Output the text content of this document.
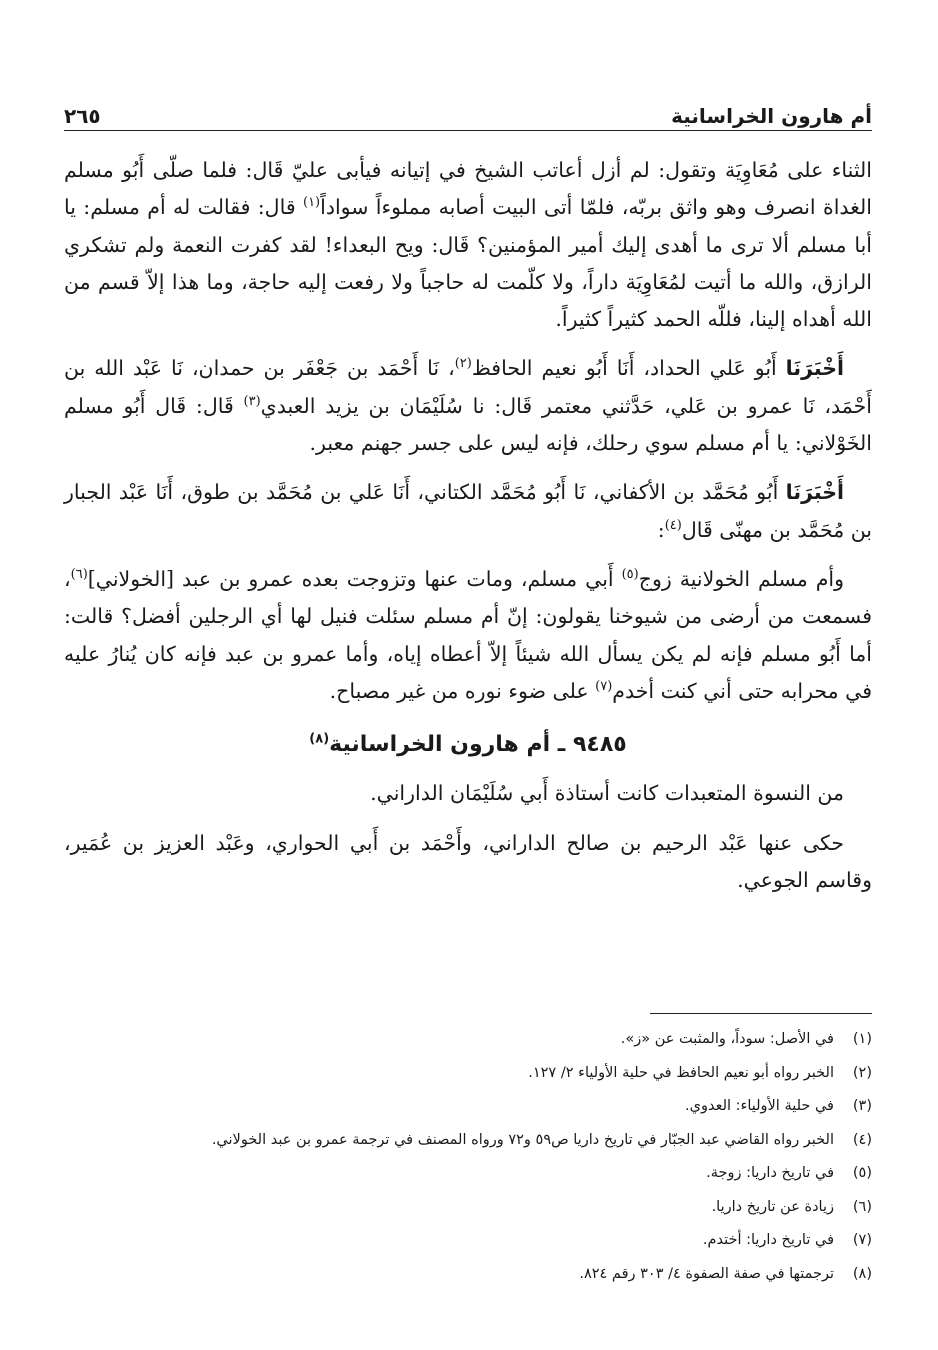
أم هارون الخراسانية
٢٦٥

الثناء على مُعَاوِيَة وتقول: لم أزل أعاتب الشيخ في إتيانه فيأبى عليّ قَال: فلما صلّى أَبُو مسلم الغداة انصرف وهو واثق بربّه، فلمّا أتى البيت أصابه مملوءاً سواداً$^{(١)}$ قال: فقالت له أم مسلم: يا أبا مسلم ألا ترى ما أهدى إليك أمير المؤمنين؟ قَال: ويح البعداء! لقد كفرت النعمة ولم تشكري الرازق، والله ما أتيت لمُعَاوِيَة داراً، ولا كلّمت له حاجباً ولا رفعت إليه حاجة، وما هذا إلاّ قسم من الله أهداه إلينا، فللّه الحمد كثيراً كثيراً.

أَخْبَرَنَا أَبُو عَلي الحداد، أَنَا أَبُو نعيم الحافظ$^{(٢)}$، نَا أَحْمَد بن جَعْفَر بن حمدان، نَا عَبْد الله بن أَحْمَد، نَا عمرو بن عَلي، حَدَّثني معتمر قَال: نا سُلَيْمَان بن يزيد العبدي$^{(٣)}$ قَال: قَال أَبُو مسلم الخَوْلاني: يا أم مسلم سوي رحلك، فإنه ليس على جسر جهنم معبر.

أَخْبَرَنَا أَبُو مُحَمَّد بن الأكفاني، نَا أَبُو مُحَمَّد الكتاني، أَنَا عَلي بن مُحَمَّد بن طوق، أَنَا عَبْد الجبار بن مُحَمَّد بن مهنّى قَال$^{(٤)}$:

وأم مسلم الخولانية زوج$^{(٥)}$ أَبي مسلم، ومات عنها وتزوجت بعده عمرو بن عبد [الخولاني]$^{(٦)}$، فسمعت من أرضى من شيوخنا يقولون: إنّ أم مسلم سئلت فنيل لها أي الرجلين أفضل؟ قالت: أما أَبُو مسلم فإنه لم يكن يسأل الله شيئاً إلاّ أعطاه إياه، وأما عمرو بن عبد فإنه كان يُنارُ عليه في محرابه حتى أني كنت أخدم$^{(٧)}$ على ضوء نوره من غير مصباح.

٩٤٨٥ ـ أم هارون الخراسانية$^{(٨)}$

من النسوة المتعبدات كانت أستاذة أَبي سُلَيْمَان الداراني.

حكى عنها عَبْد الرحيم بن صالح الداراني، وأَحْمَد بن أَبي الحواري، وعَبْد العزيز بن عُمَير، وقاسم الجوعي.

(١)
في الأصل: سوداً، والمثبت عن «ز».
(٢)
الخبر رواه أبو نعيم الحافظ في حلية الأولياء ٢/ ١٢٧.
(٣)
في حلية الأولياء: العدوي.
(٤)
الخبر رواه القاضي عبد الجبّار في تاريخ داريا ص٥٩ و٧٢ ورواه المصنف في ترجمة عمرو بن عبد الخولاني.
(٥)
في تاريخ داريا: زوجة.
(٦)
زيادة عن تاريخ داريا.
(٧)
في تاريخ داريا: أختدم.
(٨)
ترجمتها في صفة الصفوة ٤/ ٣٠٣ رقم ٨٢٤.
